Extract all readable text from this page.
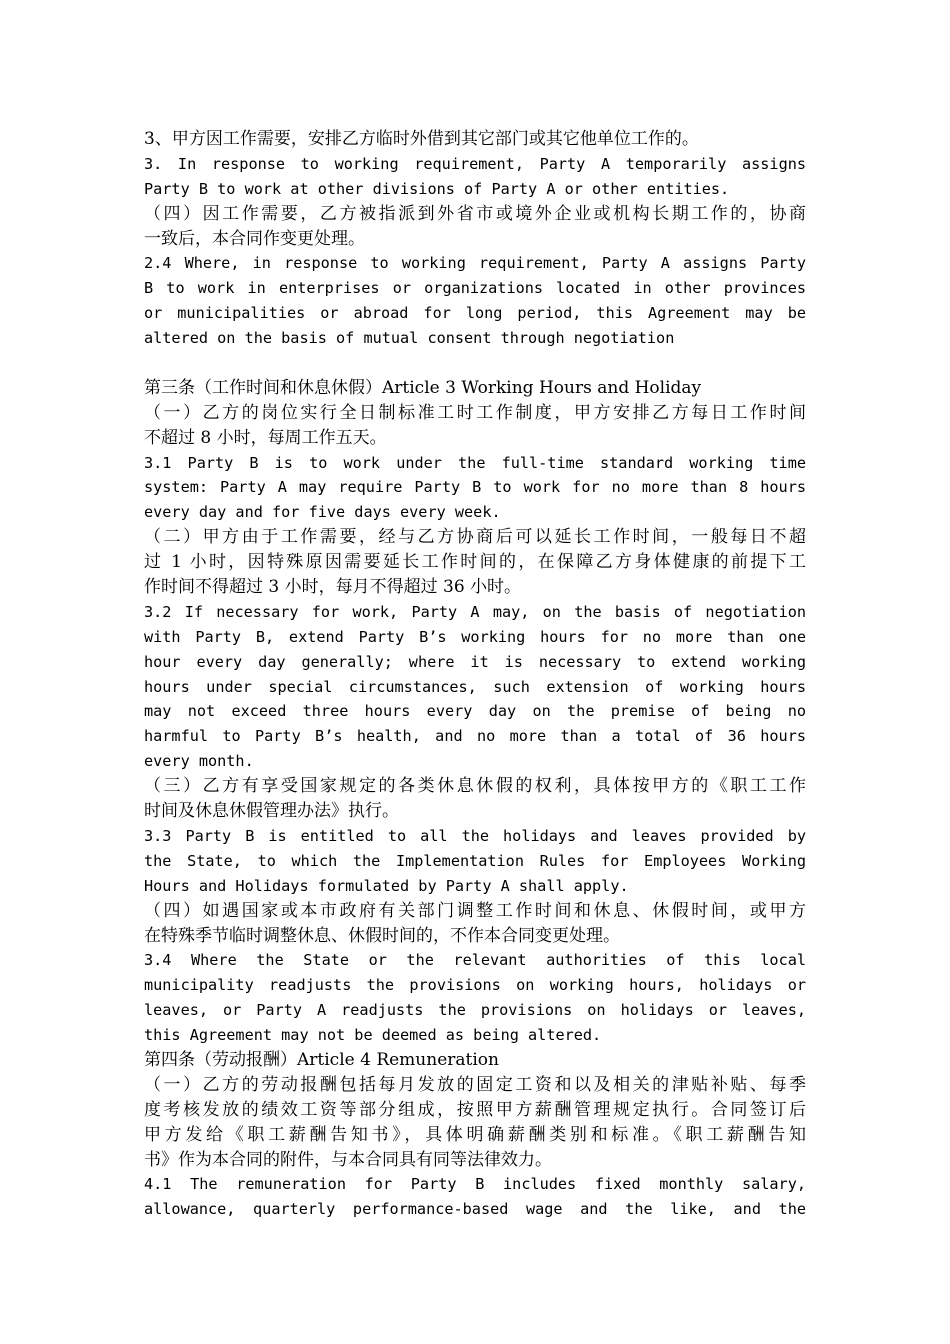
3、甲方因工作需要，安排乙方临时外借到其它部门或其它他单位工作的。
3. In response to working requirement, Party A temporarily assigns
Party B to work at other divisions of Party A or other entities.
（四）因工作需要，乙方被指派到外省市或境外企业或机构长期工作的，协商
一致后，本合同作变更处理。
2.4 Where, in response to working requirement, Party A assigns Party
B to work in enterprises or organizations located in other provinces
or municipalities or abroad for long period, this Agreement may be
altered on the basis of mutual consent through negotiation
第三条（工作时间和休息休假）Article 3 Working Hours and Holiday
（一）乙方的岗位实行全日制标准工时工作制度，甲方安排乙方每日工作时间
不超过 8 小时，每周工作五天。
3.1 Party B is to work under the full-time standard working time
system: Party A may require Party B to work for no more than 8 hours
every day and for five days every week.
（二）甲方由于工作需要，经与乙方协商后可以延长工作时间，一般每日不超
过 1 小时，因特殊原因需要延长工作时间的，在保障乙方身体健康的前提下工
作时间不得超过 3 小时，每月不得超过 36 小时。
3.2 If necessary for work, Party A may, on the basis of negotiation
with Party B, extend Party B’s working hours for no more than one
hour every day generally; where it is necessary to extend working
hours under special circumstances, such extension of working hours
may not exceed three hours every day on the premise of being no
harmful to Party B’s health, and no more than a total of 36 hours
every month.
（三）乙方有享受国家规定的各类休息休假的权利，具体按甲方的《职工工作
时间及休息休假管理办法》执行。
3.3 Party B is entitled to all the holidays and leaves provided by
the State, to which the Implementation Rules for Employees Working
Hours and Holidays formulated by Party A shall apply.
（四）如遇国家或本市政府有关部门调整工作时间和休息、休假时间，或甲方
在特殊季节临时调整休息、休假时间的，不作本合同变更处理。
3.4 Where the State or the relevant authorities of this local
municipality readjusts the provisions on working hours, holidays or
leaves, or Party A readjusts the provisions on holidays or leaves,
this Agreement may not be deemed as being altered.
第四条（劳动报酬）Article 4 Remuneration
（一）乙方的劳动报酬包括每月发放的固定工资和以及相关的津贴补贴、每季
度考核发放的绩效工资等部分组成，按照甲方薪酬管理规定执行。合同签订后
甲方发给《职工薪酬告知书》，具体明确薪酬类别和标准。《职工薪酬告知
书》作为本合同的附件，与本合同具有同等法律效力。
4.1 The remuneration for Party B includes fixed monthly salary,
allowance, quarterly performance-based wage and the like, and the
